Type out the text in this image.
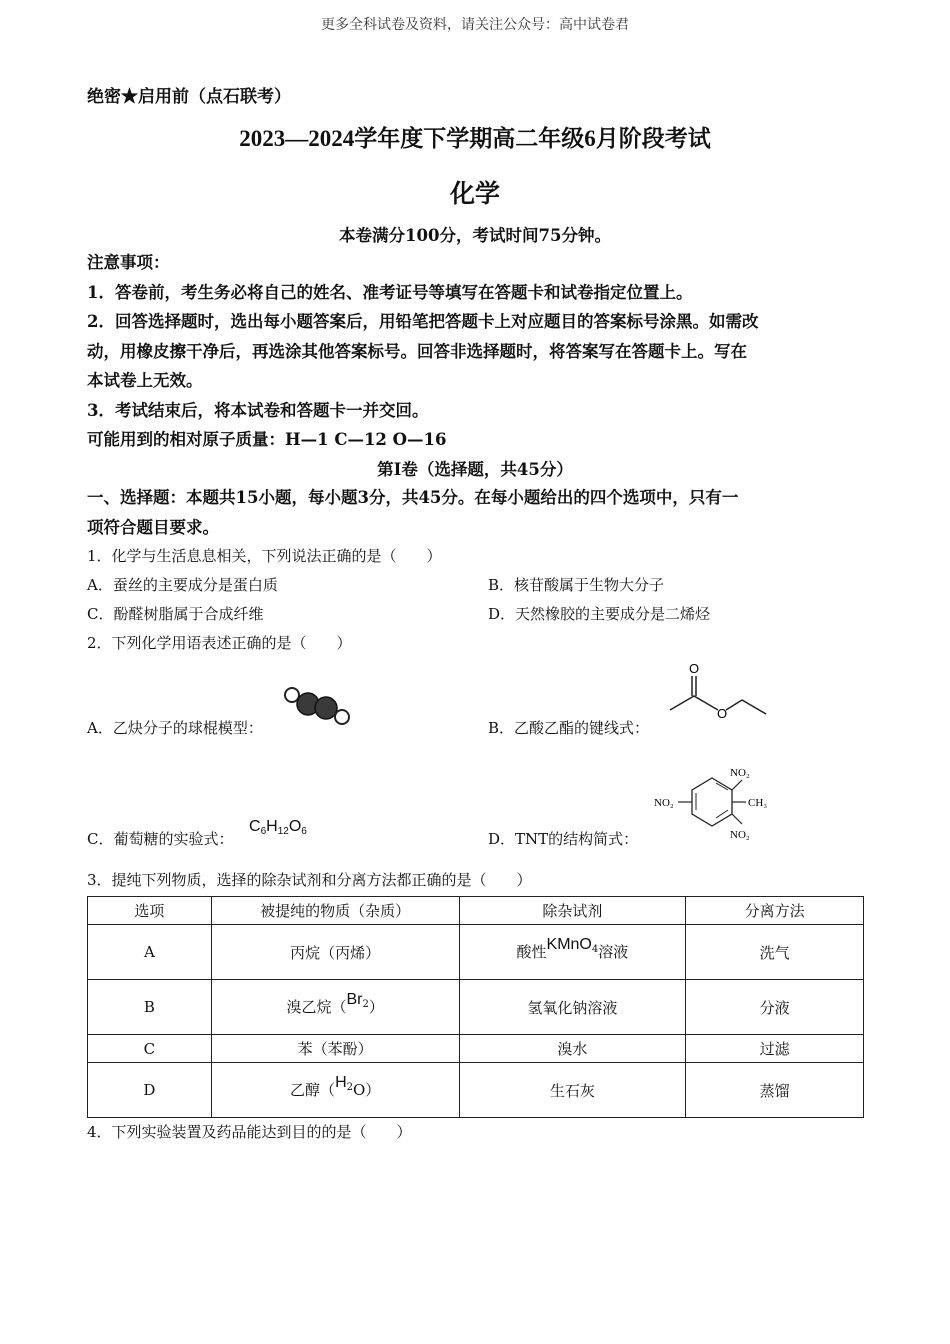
更多全科试卷及资料，请关注公众号：高中试卷君
绝密★启用前（点石联考）
2023—2024学年度下学期高二年级6月阶段考试
化学
本卷满分100分，考试时间75分钟。
注意事项：
1．答卷前，考生务必将自己的姓名、准考证号等填写在答题卡和试卷指定位置上。
2．回答选择题时，选出每小题答案后，用铅笔把答题卡上对应题目的答案标号涂黑。如需改
动，用橡皮擦干净后，再选涂其他答案标号。回答非选择题时，将答案写在答题卡上。写在
本试卷上无效。
3．考试结束后，将本试卷和答题卡一并交回。
可能用到的相对原子质量：H—1 C—12 O—16
第Ⅰ卷（选择题，共45分）
一、选择题：本题共15小题，每小题3分，共45分。在每小题给出的四个选项中，只有一
项符合题目要求。
1．化学与生活息息相关，下列说法正确的是（　　）
A．蚕丝的主要成分是蛋白质	B．核苷酸属于生物大分子
C．酚醛树脂属于合成纤维	D．天然橡胶的主要成分是二烯烃
2．下列化学用语表述正确的是（　　）
A．乙炔分子的球棍模型：	B．乙酸乙酯的键线式：
O
O
C．葡萄糖的实验式：
$C_6H_{12}O_6$	D．TNT的结构简式：
NO₂
NO₂	CH₃
NO₂
3．提纯下列物质，选择的除杂试剂和分离方法都正确的是（　　）
选项	被提纯的物质（杂质）	除杂试剂	分离方法
A	丙烷（丙烯）	酸性KMnO$^4$溶液	洗气
B	溴乙烷（Br$^2$）	氢氧化钠溶液	分液
C	苯（苯酚）	溴水	过滤
D	乙醇$(H^2O)$	生石灰	蒸馏
4．下列实验装置及药品能达到目的的是（　　）
